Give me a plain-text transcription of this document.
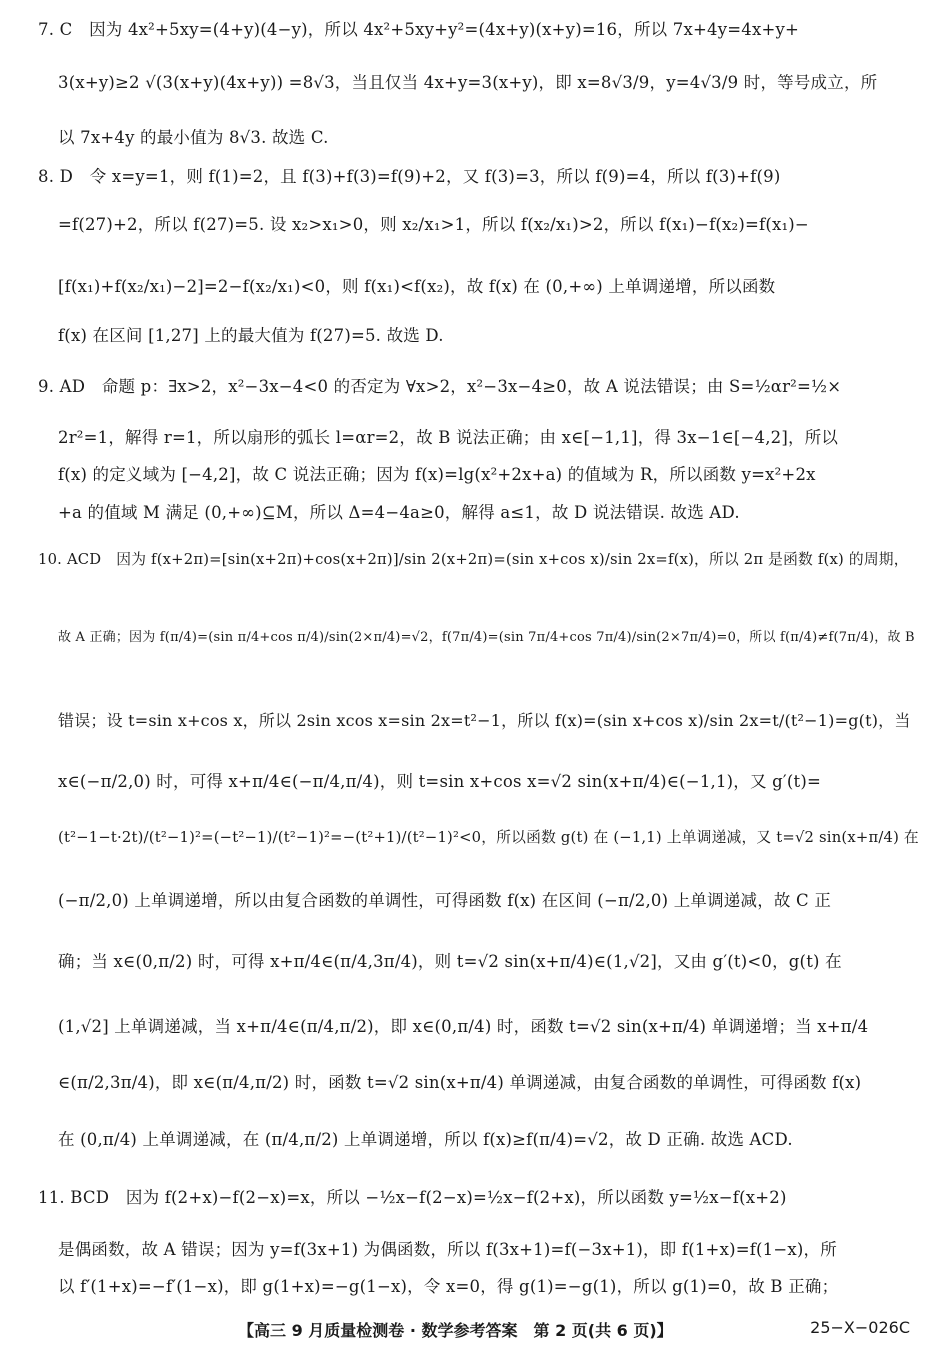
7. C　因为 4x²+5xy=(4+y)(4−y)，所以 4x²+5xy+y²=(4x+y)(x+y)=16，所以 7x+4y=4x+y+
3(x+y)≥2 √(3(x+y)(4x+y)) =8√3，当且仅当 4x+y=3(x+y)，即 x=8√3/9，y=4√3/9 时，等号成立，所
以 7x+4y 的最小值为 8√3. 故选 C.
8. D　令 x=y=1，则 f(1)=2，且 f(3)+f(3)=f(9)+2，又 f(3)=3，所以 f(9)=4，所以 f(3)+f(9)
=f(27)+2，所以 f(27)=5. 设 x₂>x₁>0，则 x₂/x₁>1，所以 f(x₂/x₁)>2，所以 f(x₁)−f(x₂)=f(x₁)−
[f(x₁)+f(x₂/x₁)−2]=2−f(x₂/x₁)<0，则 f(x₁)<f(x₂)，故 f(x) 在 (0,+∞) 上单调递增，所以函数
f(x) 在区间 [1,27] 上的最大值为 f(27)=5. 故选 D.
9. AD　命题 p：∃x>2，x²−3x−4<0 的否定为 ∀x>2，x²−3x−4≥0，故 A 说法错误；由 S=½αr²=½×
2r²=1，解得 r=1，所以扇形的弧长 l=αr=2，故 B 说法正确；由 x∈[−1,1]，得 3x−1∈[−4,2]，所以
f(x) 的定义域为 [−4,2]，故 C 说法正确；因为 f(x)=lg(x²+2x+a) 的值域为 R，所以函数 y=x²+2x
+a 的值域 M 满足 (0,+∞)⊆M，所以 Δ=4−4a≥0，解得 a≤1，故 D 说法错误. 故选 AD.
10. ACD　因为 f(x+2π)=[sin(x+2π)+cos(x+2π)]/sin 2(x+2π)=(sin x+cos x)/sin 2x=f(x)，所以 2π 是函数 f(x) 的周期，
故 A 正确；因为 f(π/4)=(sin π/4+cos π/4)/sin(2×π/4)=√2，f(7π/4)=(sin 7π/4+cos 7π/4)/sin(2×7π/4)=0，所以 f(π/4)≠f(7π/4)，故 B
错误；设 t=sin x+cos x，所以 2sin xcos x=sin 2x=t²−1，所以 f(x)=(sin x+cos x)/sin 2x=t/(t²−1)=g(t)，当
x∈(−π/2,0) 时，可得 x+π/4∈(−π/4,π/4)，则 t=sin x+cos x=√2 sin(x+π/4)∈(−1,1)，又 g′(t)=
(t²−1−t·2t)/(t²−1)²=(−t²−1)/(t²−1)²=−(t²+1)/(t²−1)²<0，所以函数 g(t) 在 (−1,1) 上单调递减，又 t=√2 sin(x+π/4) 在
(−π/2,0) 上单调递增，所以由复合函数的单调性，可得函数 f(x) 在区间 (−π/2,0) 上单调递减，故 C 正
确；当 x∈(0,π/2) 时，可得 x+π/4∈(π/4,3π/4)，则 t=√2 sin(x+π/4)∈(1,√2]，又由 g′(t)<0，g(t) 在
(1,√2] 上单调递减，当 x+π/4∈(π/4,π/2)，即 x∈(0,π/4) 时，函数 t=√2 sin(x+π/4) 单调递增；当 x+π/4
∈(π/2,3π/4)，即 x∈(π/4,π/2) 时，函数 t=√2 sin(x+π/4) 单调递减，由复合函数的单调性，可得函数 f(x)
在 (0,π/4) 上单调递减，在 (π/4,π/2) 上单调递增，所以 f(x)≥f(π/4)=√2，故 D 正确. 故选 ACD.
11. BCD　因为 f(2+x)−f(2−x)=x，所以 −½x−f(2−x)=½x−f(2+x)，所以函数 y=½x−f(x+2)
是偶函数，故 A 错误；因为 y=f(3x+1) 为偶函数，所以 f(3x+1)=f(−3x+1)，即 f(1+x)=f(1−x)，所
以 f′(1+x)=−f′(1−x)，即 g(1+x)=−g(1−x)，令 x=0，得 g(1)=−g(1)，所以 g(1)=0，故 B 正确；
【高三 9 月质量检测卷 · 数学参考答案　第 2 页(共 6 页)】	25−X−026C
